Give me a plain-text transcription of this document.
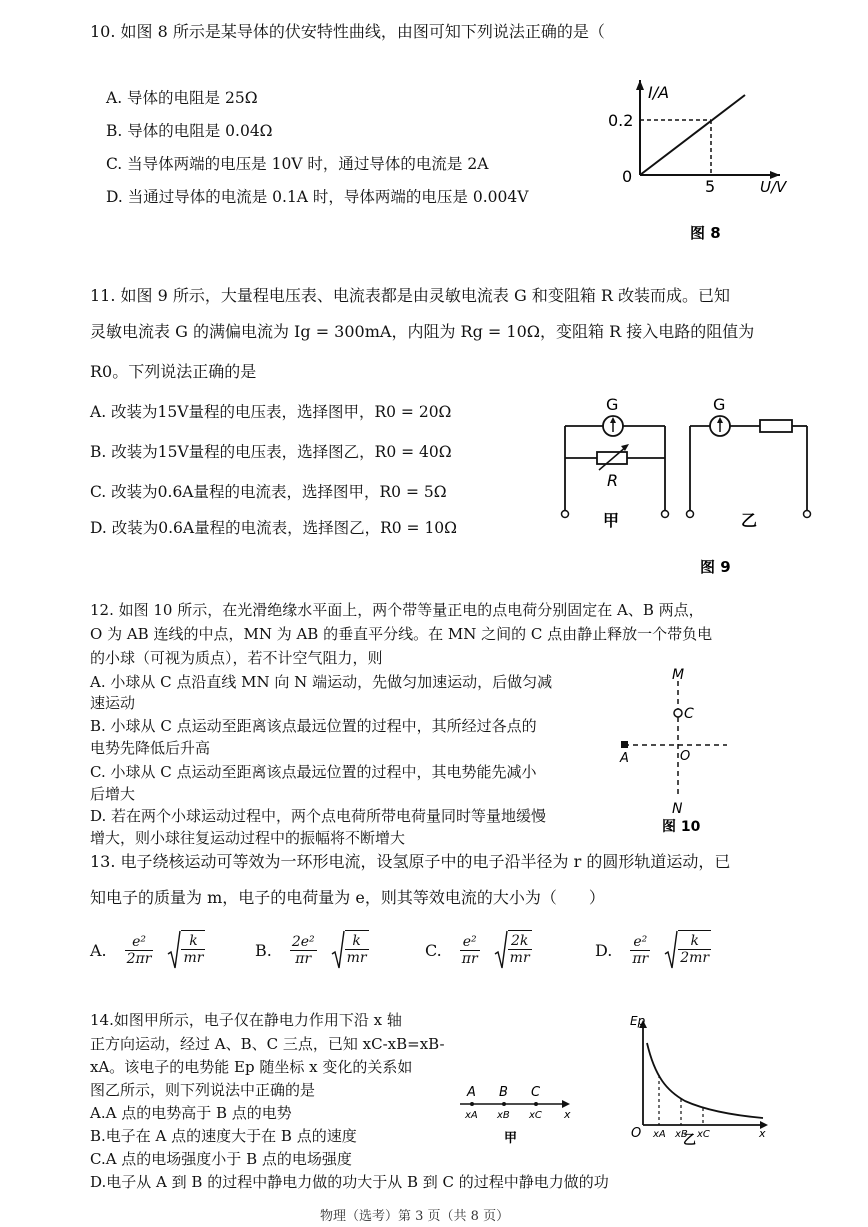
10. 如图 8 所示是某导体的伏安特性曲线，由图可知下列说法正确的是（
A. 导体的电阻是 25Ω
B. 导体的电阻是 0.04Ω
C. 当导体两端的电压是 10V 时，通过导体的电流是 2A
D. 当通过导体的电流是 0.1A 时，导体两端的电压是 0.004V
I/A
U/V
0
0.2
5
图 8
11. 如图 9 所示，大量程电压表、电流表都是由灵敏电流表 G 和变阻箱 R 改装而成。已知
灵敏电流表 G 的满偏电流为 Ig = 300mA，内阻为 Rg = 10Ω，变阻箱 R 接入电路的阻值为
R0。下列说法正确的是
A. 改装为15V量程的电压表，选择图甲，R0 = 20Ω
B. 改装为15V量程的电压表，选择图乙，R0 = 40Ω
C. 改装为0.6A量程的电流表，选择图甲，R0 = 5Ω
D. 改装为0.6A量程的电流表，选择图乙，R0 = 10Ω
G
R
甲
G
乙
图 9
12. 如图 10 所示，在光滑绝缘水平面上，两个带等量正电的点电荷分别固定在 A、B 两点，
O 为 AB 连线的中点，MN 为 AB 的垂直平分线。在 MN 之间的 C 点由静止释放一个带负电
的小球（可视为质点），若不计空气阻力，则
A. 小球从 C 点沿直线 MN 向 N 端运动，先做匀加速运动，后做匀减
速运动
B. 小球从 C 点运动至距离该点最远位置的过程中，其所经过各点的
电势先降低后升高
C. 小球从 C 点运动至距离该点最远位置的过程中，其电势能先减小
后增大
D. 若在两个小球运动过程中，两个点电荷所带电荷量同时等量地缓慢
增大，则小球往复运动过程中的振幅将不断增大
M
C
A	O
N
图 10
13. 电子绕核运动可等效为一环形电流，设氢原子中的电子沿半径为 r 的圆形轨道运动，已
知电子的质量为 m，电子的电荷量为 e，则其等效电流的大小为（　　）
A. $\frac{\text{e²}}{2\pi r} \frac{k}{mr}$	B. $\frac{\text{2e²}}{\pi r} \frac{k}{mr}$	C. $\frac{\text{e²}}{\pi r} \frac{2k}{mr}$	D. $\frac{\text{e²}}{\pi r} \frac{k}{2mr}$
14.如图甲所示，电子仅在静电力作用下沿 x 轴
正方向运动，经过 A、B、C 三点，已知 xC-xB=xB-
xA。该电子的电势能 Ep 随坐标 x 变化的关系如
图乙所示，则下列说法中正确的是
A.A 点的电势高于 B 点的电势
B.电子在 A 点的速度大于在 B 点的速度
C.A 点的电场强度小于 B 点的电场强度
D.电子从 A 到 B 的过程中静电力做的功大于从 B 到 C 的过程中静电力做的功
A B C
xA xB xC x
甲
Ep
O xA xB xC	x
乙
物理（选考）第 3 页（共 8 页）
